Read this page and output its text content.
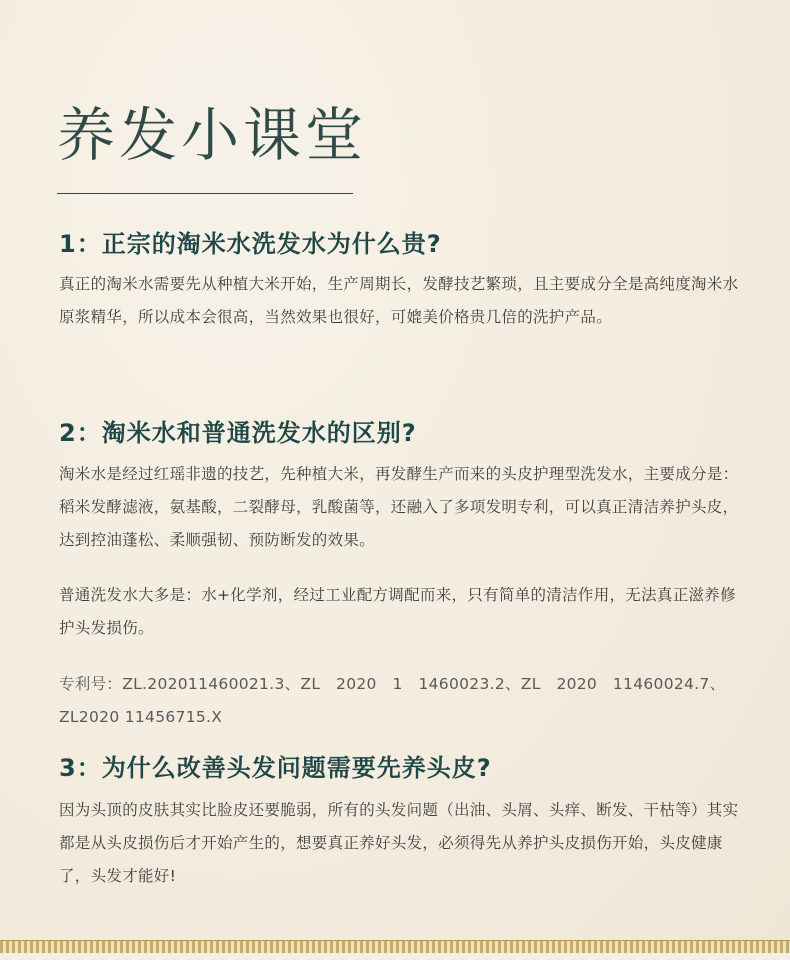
养发小课堂
1：正宗的淘米水洗发水为什么贵?
真正的淘米水需要先从种植大米开始，生产周期长，发酵技艺繁琐，且主要成分全是高纯度淘米水原浆精华，所以成本会很高，当然效果也很好，可媲美价格贵几倍的洗护产品。
2：淘米水和普通洗发水的区别?
淘米水是经过红瑶非遗的技艺，先种植大米，再发酵生产而来的头皮护理型洗发水，主要成分是：稻米发酵滤液，氨基酸，二裂酵母，乳酸菌等，还融入了多项发明专利，可以真正清洁养护头皮，达到控油蓬松、柔顺强韧、预防断发的效果。
普通洗发水大多是：水+化学剂，经过工业配方调配而来，只有简单的清洁作用，无法真正滋养修护头发损伤。
专利号：ZL.202011460021.3、ZL　2020　1　1460023.2、ZL　2020　11460024.7、ZL2020 11456715.X
3：为什么改善头发问题需要先养头皮?
因为头顶的皮肤其实比脸皮还要脆弱，所有的头发问题（出油、头屑、头痒、断发、干枯等）其实都是从头皮损伤后才开始产生的，想要真正养好头发，必须得先从养护头皮损伤开始，头皮健康了，头发才能好!
